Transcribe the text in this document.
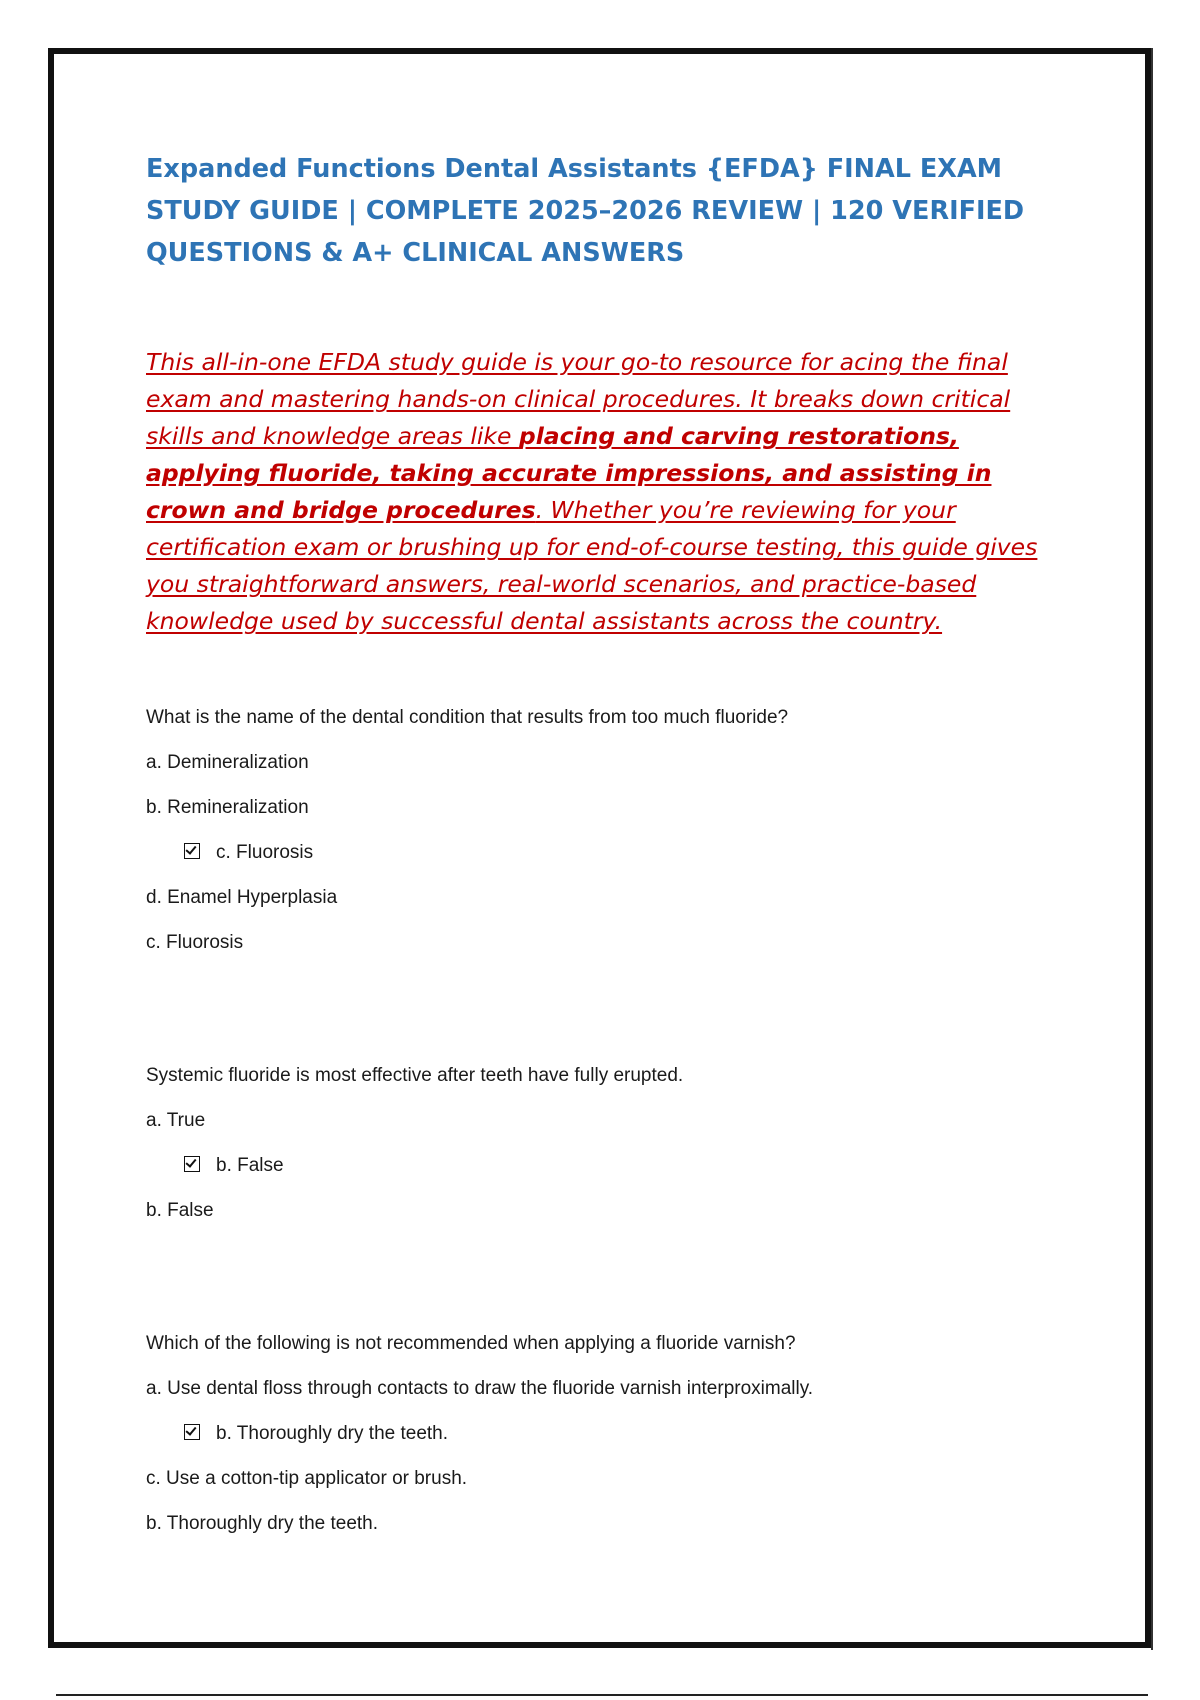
Expanded Functions Dental Assistants {EFDA} FINAL EXAM STUDY GUIDE | COMPLETE 2025–2026 REVIEW | 120 VERIFIED QUESTIONS & A+ CLINICAL ANSWERS

This all-in-one EFDA study guide is your go-to resource for acing the final exam and mastering hands-on clinical procedures. It breaks down critical skills and knowledge areas like placing and carving restorations, applying fluoride, taking accurate impressions, and assisting in crown and bridge procedures. Whether you’re reviewing for your certification exam or brushing up for end-of-course testing, this guide gives you straightforward answers, real-world scenarios, and practice-based knowledge used by successful dental assistants across the country.

What is the name of the dental condition that results from too much fluoride?

a. Demineralization

b. Remineralization

c. Fluorosis

d. Enamel Hyperplasia

c. Fluorosis

Systemic fluoride is most effective after teeth have fully erupted.

a. True

b. False

b. False

Which of the following is not recommended when applying a fluoride varnish?

a. Use dental floss through contacts to draw the fluoride varnish interproximally.

b. Thoroughly dry the teeth.

c. Use a cotton-tip applicator or brush.

b. Thoroughly dry the teeth.
